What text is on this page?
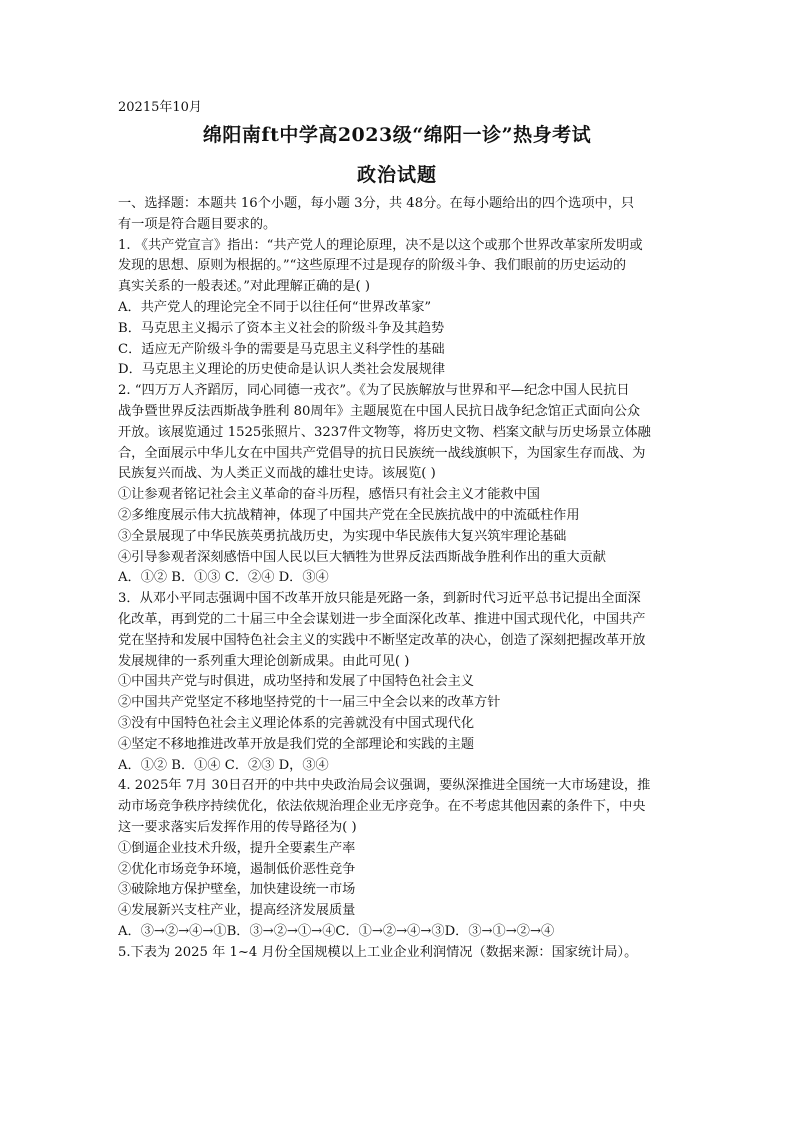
20215年10月
绵阳南ft中学高2023级“绵阳一诊”热身考试
政治试题
一、选择题：本题共 16个小题，每小题 3分，共 48分。在每小题给出的四个选项中，只
有一项是符合题目要求的。
1. 《共产党宣言》指出：“共产党人的理论原理，决不是以这个或那个世界改革家所发明或
发现的思想、原则为根据的。”“这些原理不过是现存的阶级斗争、我们眼前的历史运动的
真实关系的一般表述。”对此理解正确的是( )
A．共产党人的理论完全不同于以往任何“世界改革家”
B．马克思主义揭示了资本主义社会的阶级斗争及其趋势
C．适应无产阶级斗争的需要是马克思主义科学性的基础
D．马克思主义理论的历史使命是认识人类社会发展规律
2. “四万万人齐蹈厉，同心同德一戎衣”。《为了民族解放与世界和平—纪念中国人民抗日
战争暨世界反法西斯战争胜利 80周年》主题展览在中国人民抗日战争纪念馆正式面向公众
开放。该展览通过 1525张照片、3237件文物等，将历史文物、档案文献与历史场景立体融
合，全面展示中华儿女在中国共产党倡导的抗日民族统一战线旗帜下，为国家生存而战、为
民族复兴而战、为人类正义而战的雄壮史诗。该展览( )
①让参观者铭记社会主义革命的奋斗历程，感悟只有社会主义才能救中国
②多维度展示伟大抗战精神，体现了中国共产党在全民族抗战中的中流砥柱作用
③全景展现了中华民族英勇抗战历史，为实现中华民族伟大复兴筑牢理论基础
④引导参观者深刻感悟中国人民以巨大牺牲为世界反法西斯战争胜利作出的重大贡献
A．①② B．①③ C．②④ D．③④
3．从邓小平同志强调中国不改革开放只能是死路一条，到新时代习近平总书记提出全面深
化改革，再到党的二十届三中全会谋划进一步全面深化改革、推进中国式现代化，中国共产
党在坚持和发展中国特色社会主义的实践中不断坚定改革的决心，创造了深刻把握改革开放
发展规律的一系列重大理论创新成果。由此可见( )
①中国共产党与时俱进，成功坚持和发展了中国特色社会主义
②中国共产党坚定不移地坚持党的十一届三中全会以来的改革方针
③没有中国特色社会主义理论体系的完善就没有中国式现代化
④坚定不移地推进改革开放是我们党的全部理论和实践的主题
A．①② B．①④ C．②③ D，③④
4. 2025年 7月 30日召开的中共中央政治局会议强调，要纵深推进全国统一大市场建设，推
动市场竞争秩序持续优化，依法依规治理企业无序竞争。在不考虑其他因素的条件下，中央
这一要求落实后发挥作用的传导路径为( )
①倒逼企业技术升级，提升全要素生产率
②优化市场竞争环境，遏制低价恶性竞争
③破除地方保护壁垒，加快建设统一市场
④发展新兴支柱产业，提高经济发展质量
A．③→②→④→①B．③→②→①→④C．①→②→④→③D．③→①→②→④
5.下表为 2025 年 1~4 月份全国规模以上工业企业利润情况（数据来源：国家统计局）。
